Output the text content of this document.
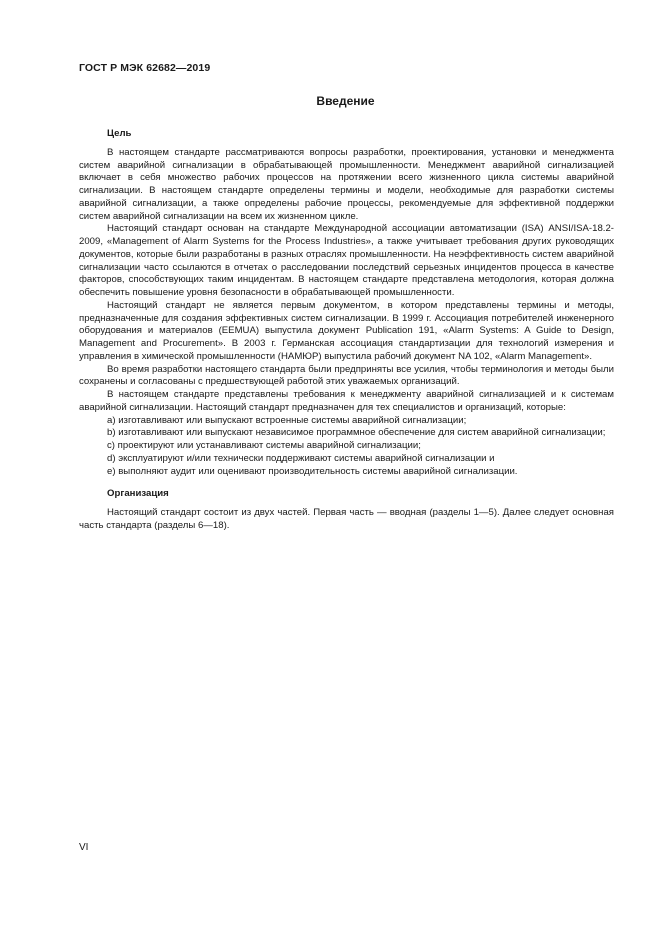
ГОСТ Р МЭК 62682—2019
Введение
Цель

В настоящем стандарте рассматриваются вопросы разработки, проектирования, установки и менеджмента систем аварийной сигнализации в обрабатывающей промышленности. Менеджмент аварийной сигнализацией включает в себя множество рабочих процессов на протяжении всего жизненного цикла системы аварийной сигнализации. В настоящем стандарте определены термины и модели, необходимые для разработки системы аварийной сигнализации, а также определены рабочие процессы, рекомендуемые для эффективной поддержки систем аварийной сигнализации на всем их жизненном цикле.

Настоящий стандарт основан на стандарте Международной ассоциации автоматизации (ISA) ANSI/ISA-18.2-2009, «Management of Alarm Systems for the Process Industries», а также учитывает требования других руководящих документов, которые были разработаны в разных отраслях промышленности. На неэффективность систем аварийной сигнализации часто ссылаются в отчетах о расследовании последствий серьезных инцидентов процесса в качестве факторов, способствующих таким инцидентам. В настоящем стандарте представлена методология, которая должна обеспечить повышение уровня безопасности в обрабатывающей промышленности.

Настоящий стандарт не является первым документом, в котором представлены термины и методы, предназначенные для создания эффективных систем сигнализации. В 1999 г. Ассоциация потребителей инженерного оборудования и материалов (EEMUA) выпустила документ Publication 191, «Alarm Systems: A Guide to Design, Management and Procurement». В 2003 г. Германская ассоциация стандартизации для технологий измерения и управления в химической промышленности (НАМЮР) выпустила рабочий документ NA 102, «Alarm Management».

Во время разработки настоящего стандарта были предприняты все усилия, чтобы терминология и методы были сохранены и согласованы с предшествующей работой этих уважаемых организаций.

В настоящем стандарте представлены требования к менеджменту аварийной сигнализацией и к системам аварийной сигнализации. Настоящий стандарт предназначен для тех специалистов и организаций, которые:

a) изготавливают или выпускают встроенные системы аварийной сигнализации;

b) изготавливают или выпускают независимое программное обеспечение для систем аварийной сигнализации;

c) проектируют или устанавливают системы аварийной сигнализации;

d) эксплуатируют и/или технически поддерживают системы аварийной сигнализации и

e) выполняют аудит или оценивают производительность системы аварийной сигнализации.

Организация

Настоящий стандарт состоит из двух частей. Первая часть — вводная (разделы 1—5). Далее следует основная часть стандарта (разделы 6—18).

VI
